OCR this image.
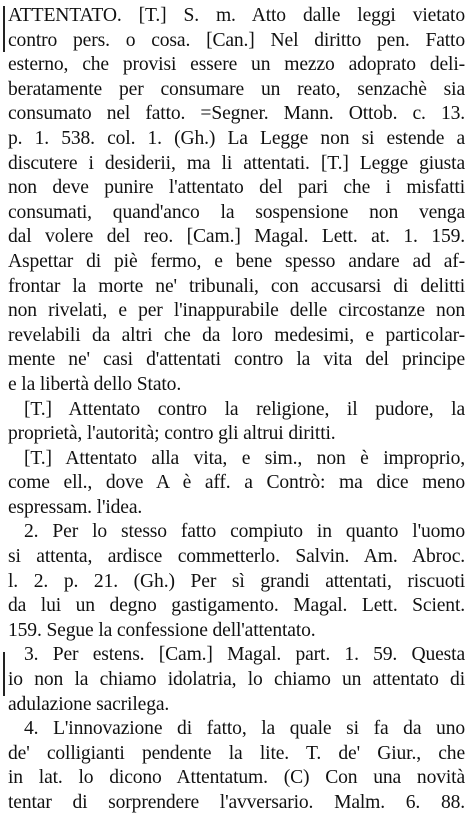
ATTENTATO. [T.] S. m. Atto dalle leggi vietato
contro pers. o cosa. [Can.] Nel diritto pen. Fatto
esterno, che provisi essere un mezzo adoprato deli-
beratamente per consumare un reato, senzachè sia
consumato nel fatto. =Segner. Mann. Ottob. c. 13.
p. 1. 538. col. 1. (Gh.) La Legge non si estende a
discutere i desiderii, ma li attentati. [T.] Legge giusta
non deve punire l'attentato del pari che i misfatti
consumati, quand'anco la sospensione non venga
dal volere del reo. [Cam.] Magal. Lett. at. 1. 159.
Aspettar di piè fermo, e bene spesso andare ad af-
frontar la morte ne' tribunali, con accusarsi di delitti
non rivelati, e per l'inappurabile delle circostanze non
revelabili da altri che da loro medesimi, e particolar-
mente ne' casi d'attentati contro la vita del principe
e la libertà dello Stato.
[T.] Attentato contro la religione, il pudore, la
proprietà, l'autorità; contro gli altrui diritti.
[T.] Attentato alla vita, e sim., non è improprio,
come ell., dove A è aff. a Contrò: ma dice meno
espressam. l'idea.
2. Per lo stesso fatto compiuto in quanto l'uomo
si attenta, ardisce commetterlo. Salvin. Am. Abroc.
l. 2. p. 21. (Gh.) Per sì grandi attentati, riscuoti
da lui un degno gastigamento. Magal. Lett. Scient.
159. Segue la confessione dell'attentato.
3. Per estens. [Cam.] Magal. part. 1. 59. Questa
io non la chiamo idolatria, lo chiamo un attentato di
adulazione sacrilega.
4. L'innovazione di fatto, la quale si fa da uno
de' colligianti pendente la lite. T. de' Giur., che
in lat. lo dicono Attentatum. (C) Con una novità
tentar di sorprendere l'avversario. Malm. 6. 88.
